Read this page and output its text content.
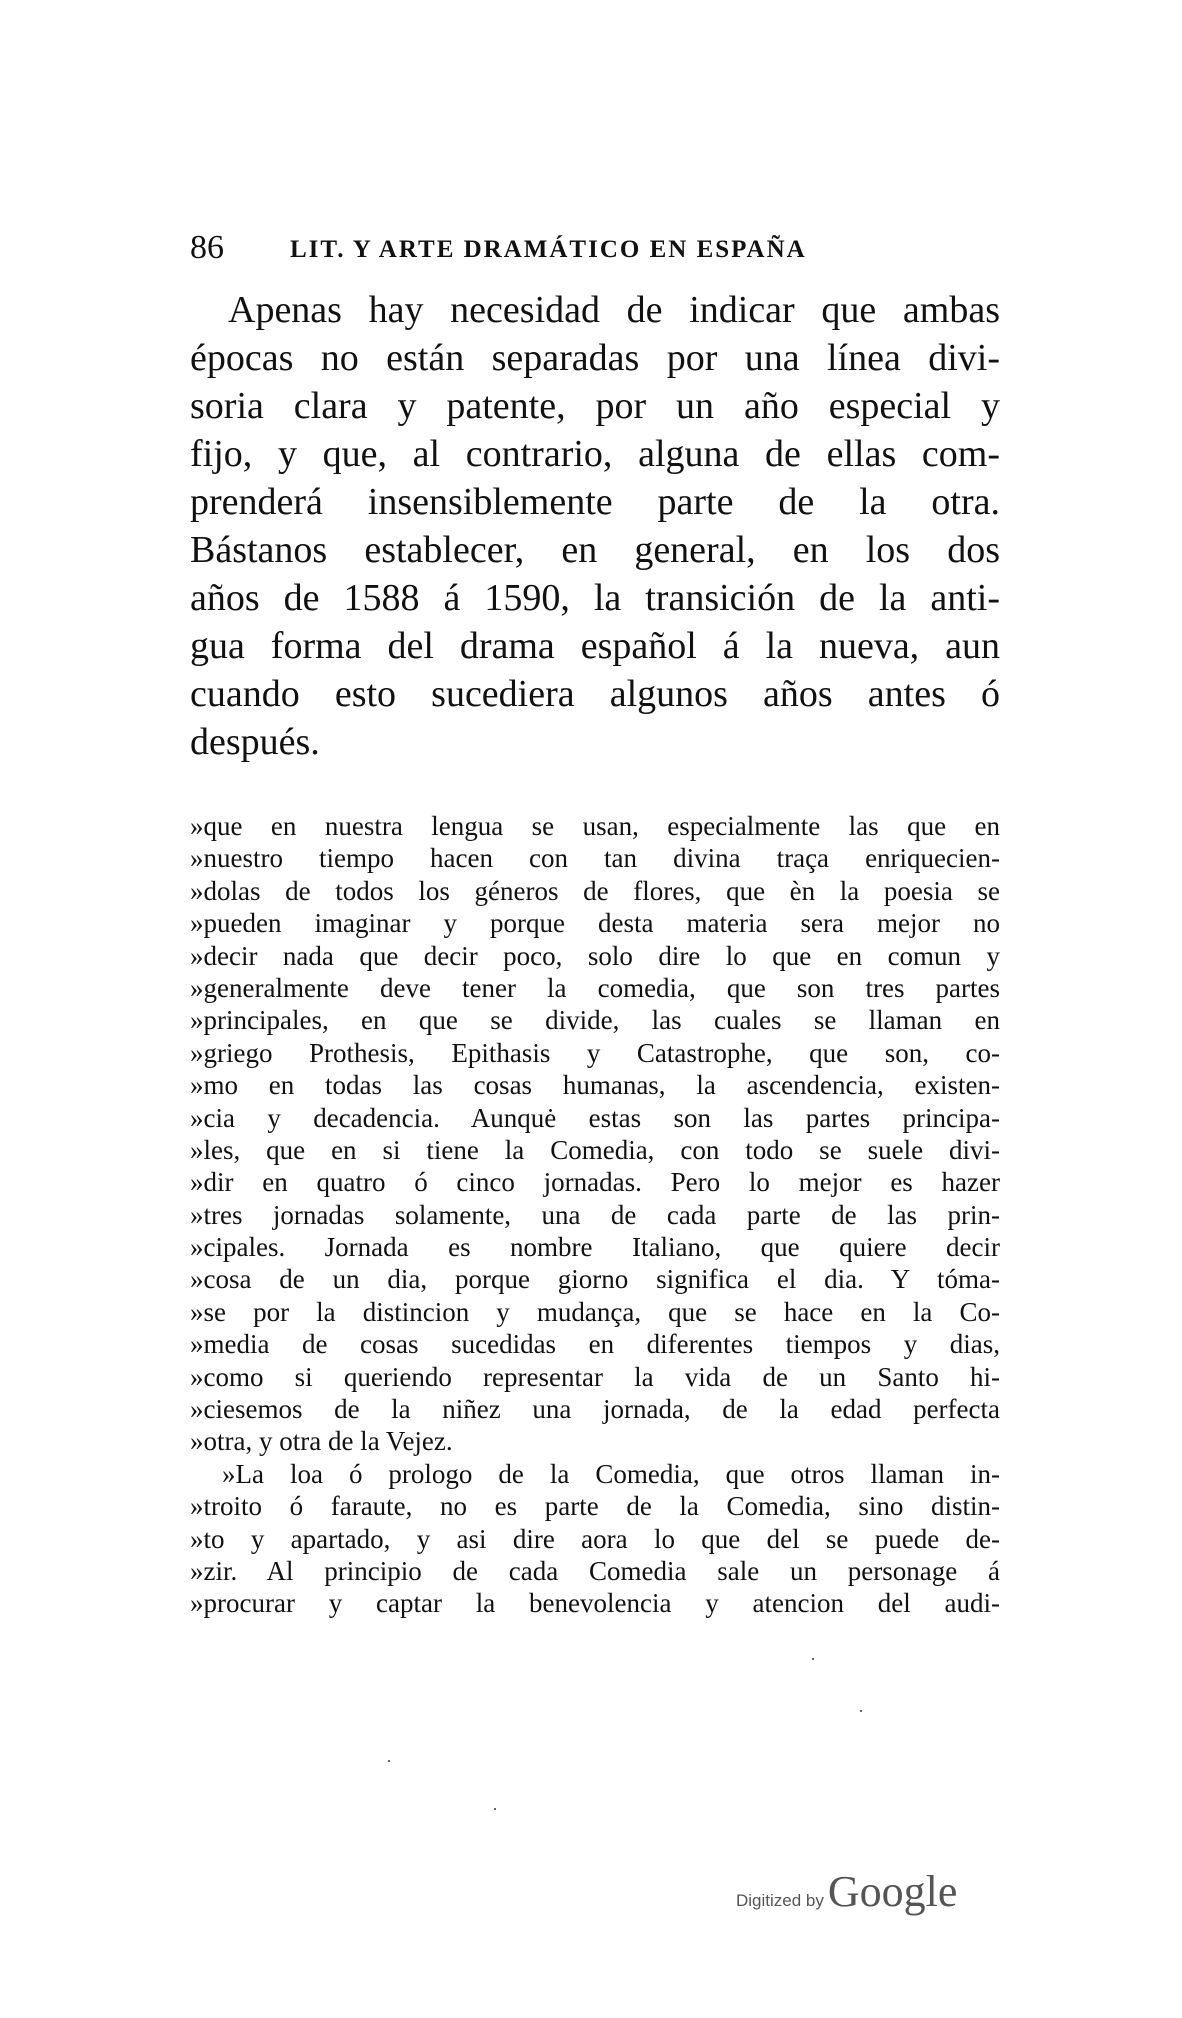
86	LIT. Y ARTE DRAMÁTICO EN ESPAÑA
Apenas hay necesidad de indicar que ambas
épocas no están separadas por una línea divi-
soria clara y patente, por un año especial y
fijo, y que, al contrario, alguna de ellas com-
prenderá insensiblemente parte de la otra.
Bástanos establecer, en general, en los dos
años de 1588 á 1590, la transición de la anti-
gua forma del drama español á la nueva, aun
cuando esto sucediera algunos años antes ó
después.
»que en nuestra lengua se usan, especialmente las que en
»nuestro tiempo hacen con tan divina traça enriquecien-
»dolas de todos los géneros de flores, que èn la poesia se
»pueden imaginar y porque desta materia sera mejor no
»decir nada que decir poco, solo dire lo que en comun y
»generalmente deve tener la comedia, que son tres partes
»principales, en que se divide, las cuales se llaman en
»griego Prothesis, Epithasis y Catastrophe, que son, co-
»mo en todas las cosas humanas, la ascendencia, existen-
»cia y decadencia. Aunquė estas son las partes principa-
»les, que en si tiene la Comedia, con todo se suele divi-
»dir en quatro ó cinco jornadas. Pero lo mejor es hazer
»tres jornadas solamente, una de cada parte de las prin-
»cipales. Jornada es nombre Italiano, que quiere decir
»cosa de un dia, porque giorno significa el dia. Y tóma-
»se por la distincion y mudança, que se hace en la Co-
»media de cosas sucedidas en diferentes tiempos y dias,
»como si queriendo representar la vida de un Santo hi-
»ciesemos de la niñez una jornada, de la edad perfecta
»otra, y otra de la Vejez.
»La loa ó prologo de la Comedia, que otros llaman in-
»troito ó faraute, no es parte de la Comedia, sino distin-
»to y apartado, y asi dire aora lo que del se puede de-
»zir. Al principio de cada Comedia sale un personage á
»procurar y captar la benevolencia y atencion del audi-
Digitized by Google
